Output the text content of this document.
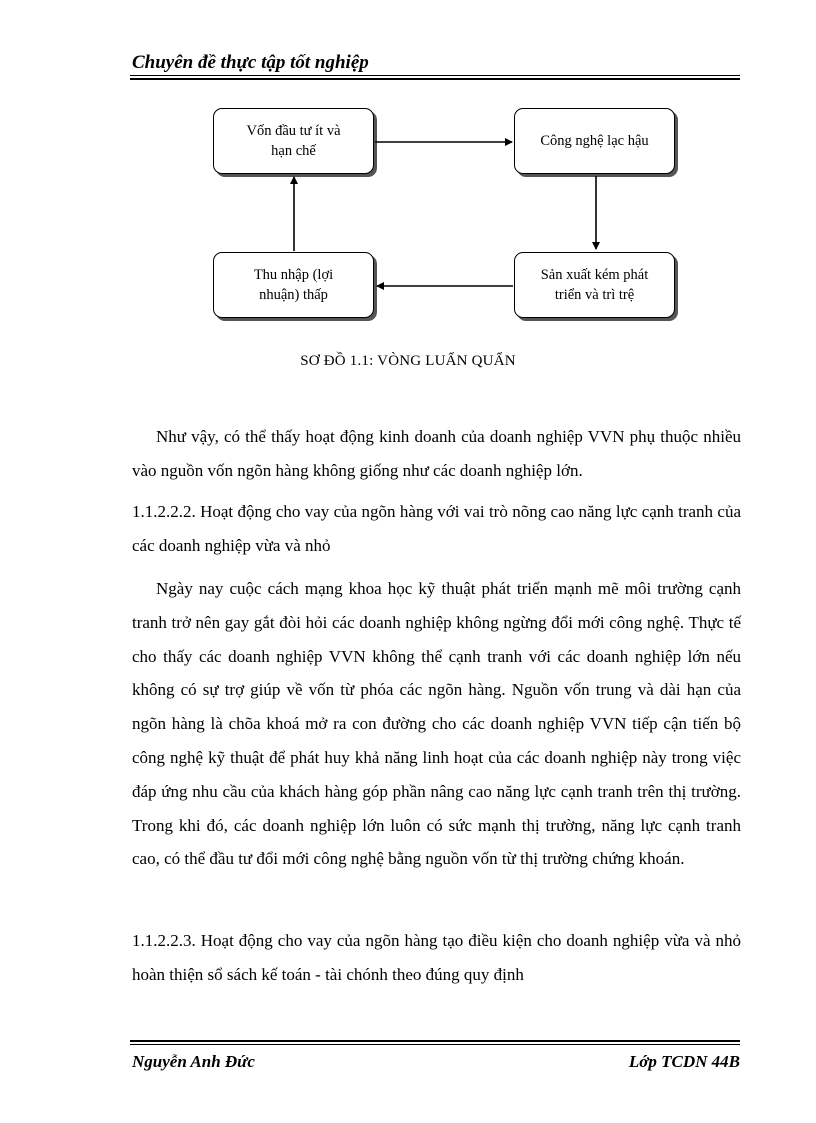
Chuyên đề thực tập tốt nghiệp
Vốn đầu tư ít và
hạn chế
Công nghệ lạc hậu
Sản xuất kém phát
triển và trì trệ
Thu nhập (lợi
nhuận) thấp
SƠ ĐỒ 1.1: VÒNG LUẨN QUẨN

Như vậy, có thể thấy hoạt động kinh doanh của doanh nghiệp VVN phụ thuộc nhiều vào nguồn vốn ngõn hàng không giống như các doanh nghiệp lớn.

1.1.2.2.2. Hoạt động cho vay của ngõn hàng với vai trò nõng cao năng lực cạnh tranh của các doanh nghiệp vừa và nhỏ

Ngày nay cuộc cách mạng khoa học kỹ thuật phát triển mạnh mẽ môi trường cạnh tranh trở nên gay gắt đòi hỏi các doanh nghiệp không ngừng đổi mới công nghệ. Thực tế cho thấy các doanh nghiệp VVN không thể cạnh tranh với các doanh nghiệp lớn nếu không có sự trợ giúp về vốn từ phóa các ngõn hàng. Nguồn vốn trung và dài hạn của ngõn hàng là chõa khoá mở ra con đường cho các doanh nghiệp VVN tiếp cận tiến bộ công nghệ kỹ thuật để phát huy khả năng linh hoạt của các doanh nghiệp này trong việc đáp ứng nhu cầu của khách hàng góp phần nâng cao năng lực cạnh tranh trên thị trường. Trong khi đó, các doanh nghiệp lớn luôn có sức mạnh thị trường, năng lực cạnh tranh cao, có thể đầu tư đổi mới công nghệ bằng nguồn vốn từ thị trường chứng khoán.

1.1.2.2.3. Hoạt động cho vay của ngõn hàng tạo điều kiện cho doanh nghiệp vừa và nhỏ hoàn thiện sổ sách kế toán - tài chónh theo đúng quy định

Nguyễn Anh Đức	Lớp TCDN 44B
